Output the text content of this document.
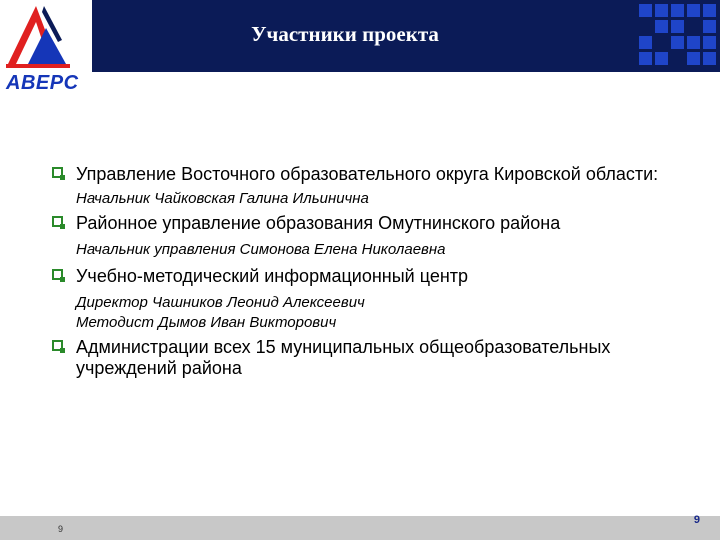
Участники проекта
АВЕРС
Управление Восточного образовательного округа Кировской области:
Начальник Чайковская Галина Ильинична
Районное управление образования Омутнинского района
Начальник управления Симонова Елена Николаевна
Учебно-методический информационный центр
Директор Чашников Леонид Алексеевич
Методист Дымов Иван Викторович
Администрации всех 15 муниципальных общеобразовательных учреждений района
9
9
